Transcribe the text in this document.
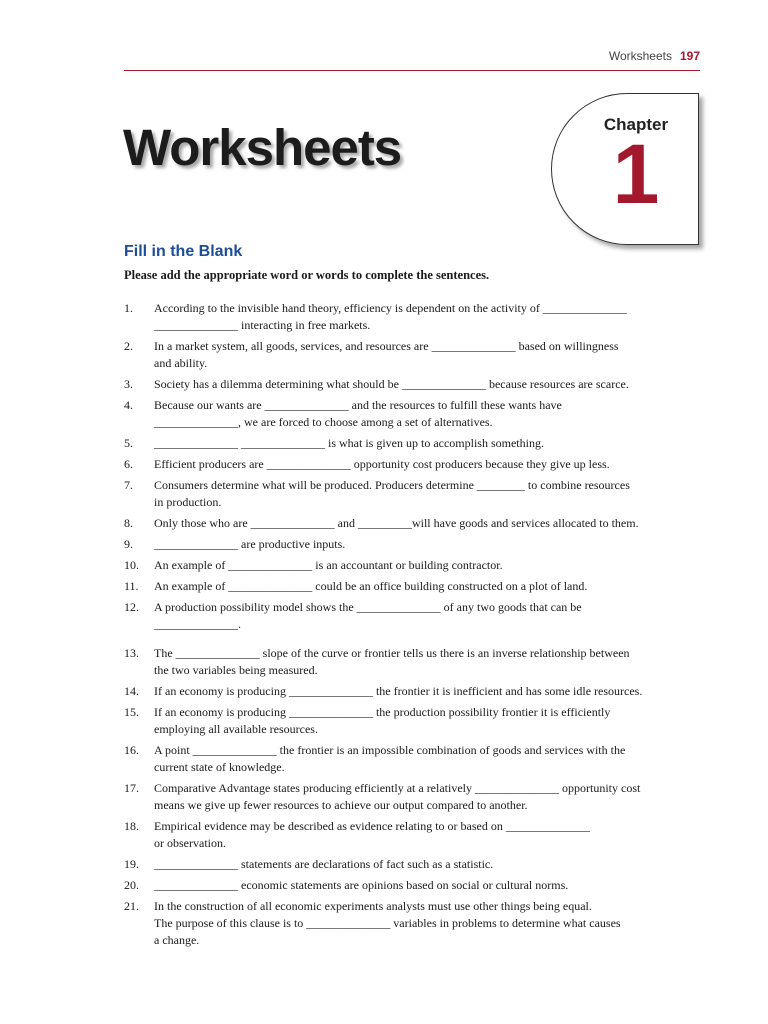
Worksheets 197
Worksheets	Chapter
1
Fill in the Blank

Please add the appropriate word or words to complete the sentences.

1.	According to the invisible hand theory, efficiency is dependent on the activity of ______________
______________ interacting in free markets.
2.	In a market system, all goods, services, and resources are ______________ based on willingness
and ability.
3.	Society has a dilemma determining what should be ______________ because resources are scarce.
4.	Because our wants are ______________ and the resources to fulfill these wants have
______________, we are forced to choose among a set of alternatives.
5.	______________ ______________ is what is given up to accomplish something.
6.	Efficient producers are ______________ opportunity cost producers because they give up less.
7.	Consumers determine what will be produced. Producers determine ________ to combine resources
in production.
8.	Only those who are ______________ and _________will have goods and services allocated to them.
9.	______________ are productive inputs.
10.	An example of ______________ is an accountant or building contractor.
11.	An example of ______________ could be an office building constructed on a plot of land.
12.	A production possibility model shows the ______________ of any two goods that can be
______________.
13.	The ______________ slope of the curve or frontier tells us there is an inverse relationship between
the two variables being measured.
14.	If an economy is producing ______________ the frontier it is inefficient and has some idle resources.
15.	If an economy is producing ______________ the production possibility frontier it is efficiently
employing all available resources.
16.	A point ______________ the frontier is an impossible combination of goods and services with the
current state of knowledge.
17.	Comparative Advantage states producing efficiently at a relatively ______________ opportunity cost
means we give up fewer resources to achieve our output compared to another.
18.	Empirical evidence may be described as evidence relating to or based on ______________
or observation.
19.	______________ statements are declarations of fact such as a statistic.
20.	______________ economic statements are opinions based on social or cultural norms.
21.	In the construction of all economic experiments analysts must use other things being equal.
The purpose of this clause is to ______________ variables in problems to determine what causes
a change.
